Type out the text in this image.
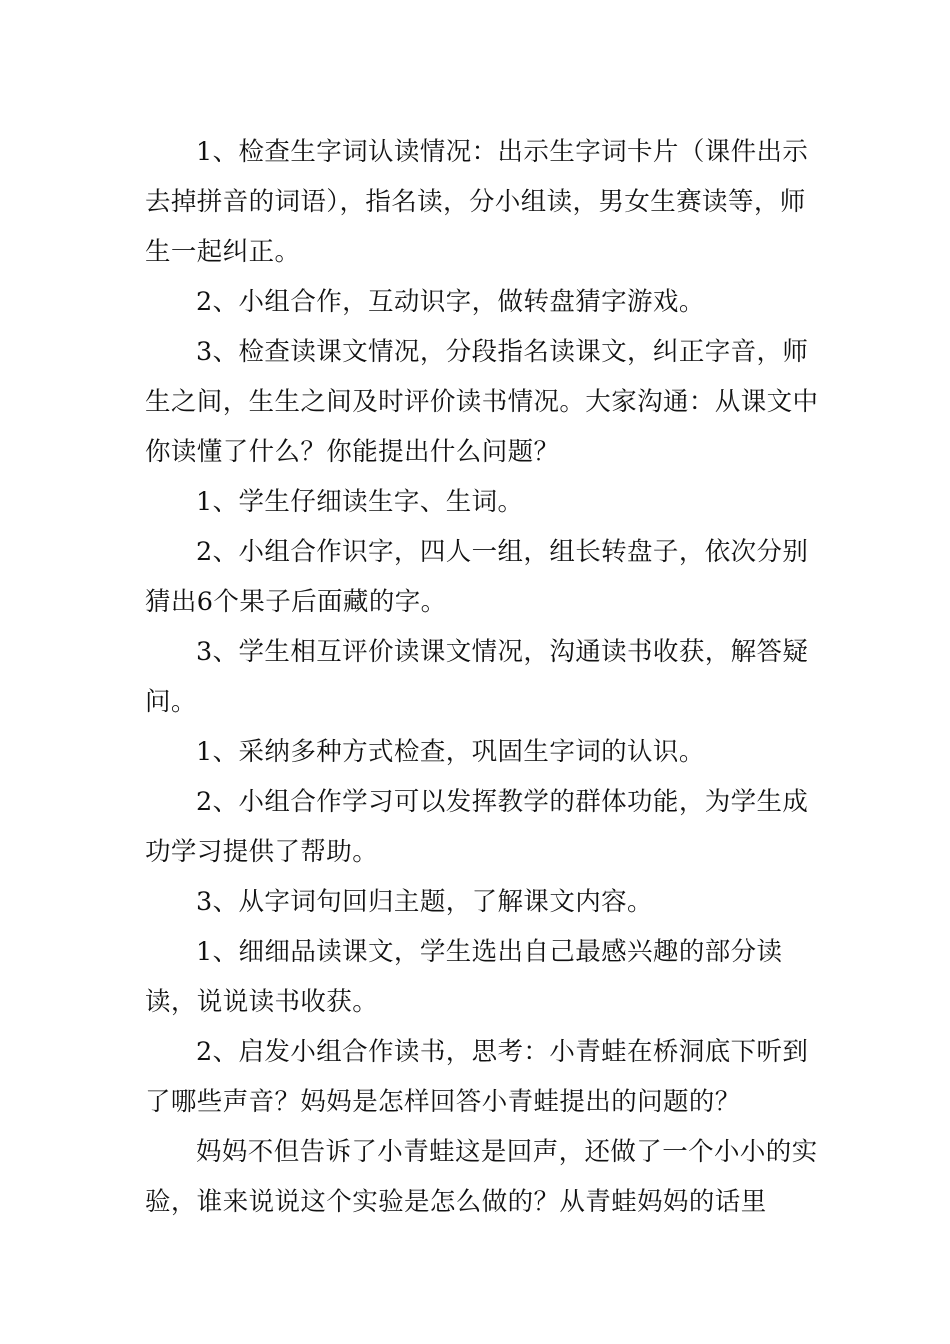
1、检查生字词认读情况：出示生字词卡片（课件出示去掉拼音的词语），指名读，分小组读，男女生赛读等，师生一起纠正。

2、小组合作，互动识字，做转盘猜字游戏。

3、检查读课文情况，分段指名读课文，纠正字音，师生之间，生生之间及时评价读书情况。大家沟通：从课文中你读懂了什么？你能提出什么问题？

1、学生仔细读生字、生词。

2、小组合作识字，四人一组，组长转盘子，依次分别猜出6个果子后面藏的字。

3、学生相互评价读课文情况，沟通读书收获，解答疑问。

1、采纳多种方式检查，巩固生字词的认识。

2、小组合作学习可以发挥教学的群体功能，为学生成功学习提供了帮助。

3、从字词句回归主题，了解课文内容。

1、细细品读课文，学生选出自己最感兴趣的部分读读，说说读书收获。

2、启发小组合作读书，思考：小青蛙在桥洞底下听到了哪些声音？妈妈是怎样回答小青蛙提出的问题的？

妈妈不但告诉了小青蛙这是回声，还做了一个小小的实验，谁来说说这个实验是怎么做的？从青蛙妈妈的话里
